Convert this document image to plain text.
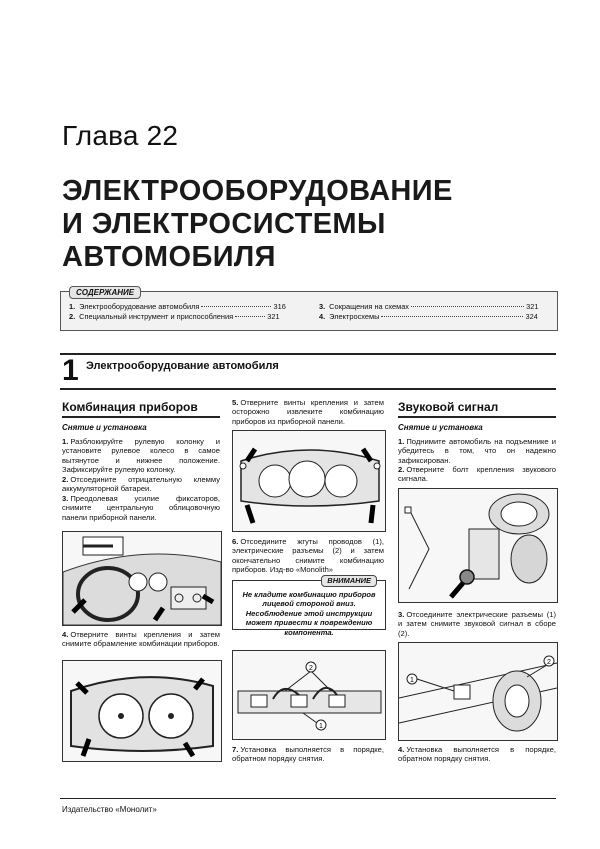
Глава 22
ЭЛЕКТРООБОРУДОВАНИЕ
И ЭЛЕКТРОСИСТЕМЫ
АВТОМОБИЛЯ
СОДЕРЖАНИЕ
1. Электрооборудование автомобиля	316
2. Специальный инструмент и приспособления	321
3. Сокращения на схемах	321
4. Электросхемы	324
1 Электрооборудование автомобиля
Комбинация приборов
Снятие и установка
1. Разблокируйте рулевую колонку и установите рулевое колесо в самое вытянутое и нижнее положение. Зафиксируйте рулевую колонку.
2. Отсоедините отрицательную клемму аккумуляторной батареи.
3. Преодолевая усилие фиксаторов, снимите центральную облицовочную панели приборной панели.
4. Отверните винты крепления и затем снимите обрамление комбинации приборов.
5. Отверните винты крепления и затем осторожно извлеките комбинацию приборов из приборной панели.
6. Отсоедините жгуты проводов (1), электрические разъемы (2) и затем окончательно снимите комбинацию приборов. Изд-во «Monolith»
ВНИМАНИЕ
Не кладите комбинацию приборов лицевой стороной вниз. Несоблюдение этой инструкции может привести к повреждению компонента.
2
1
7. Установка выполняется в порядке, обратном порядку снятия.
Звуковой сигнал
Снятие и установка
1. Поднимите автомобиль на подъемнике и убедитесь в том, что он надежно зафиксирован.
2. Отверните болт крепления звукового сигнала.
3. Отсоедините электрические разъемы (1) и затем снимите звуковой сигнал в сборе (2).
1
2
4. Установка выполняется в порядке, обратном порядку снятия.
Издательство «Монолит»
